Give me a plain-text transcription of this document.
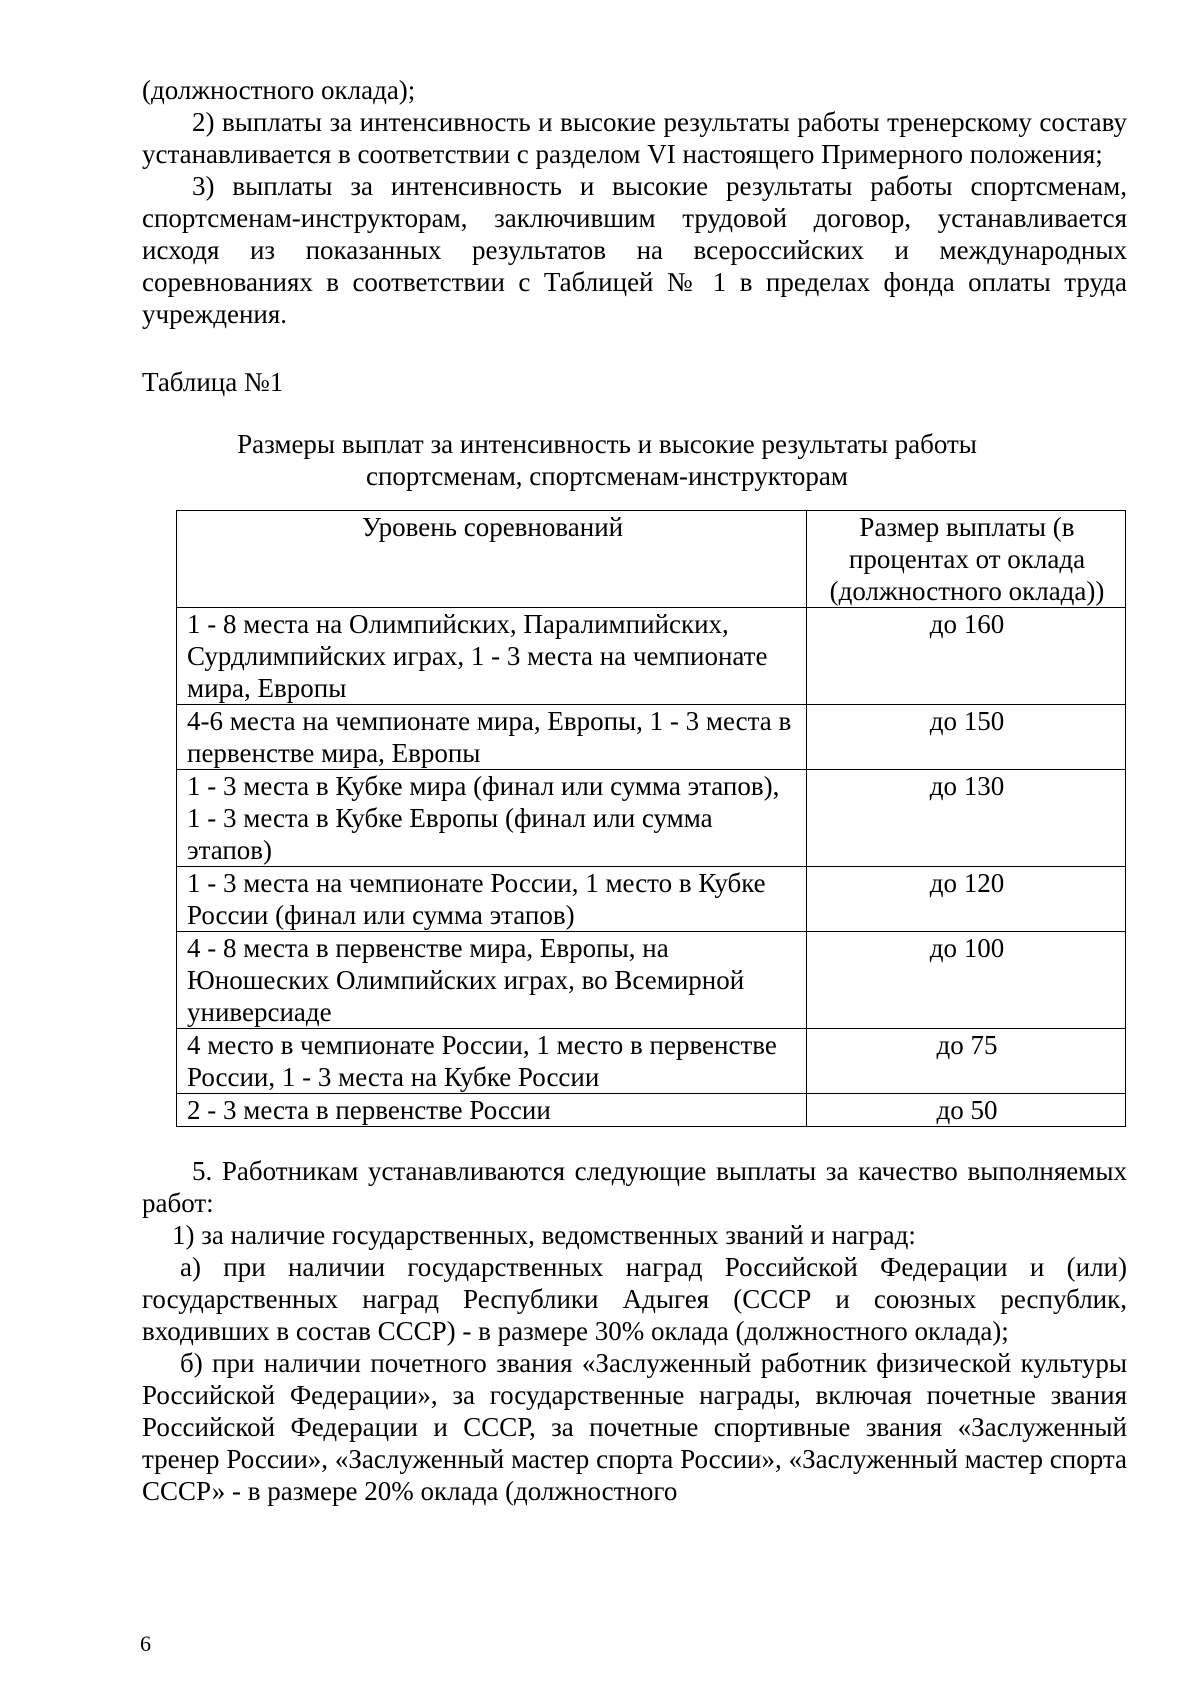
(должностного оклада);

2) выплаты за интенсивность и высокие результаты работы тренерскому составу устанавливается в соответствии с разделом VI настоящего Примерного положения;

3) выплаты за интенсивность и высокие результаты работы спортсменам, спортсменам-инструкторам, заключившим трудовой договор, устанавливается исходя из показанных результатов на всероссийских и международных соревнованиях в соответствии с Таблицей № 1 в пределах фонда оплаты труда учреждения.

Таблица №1

Размеры выплат за интенсивность и высокие результаты работы
спортсменам, спортсменам-инструкторам
Уровень соревнований	Размер выплаты (в процентах от оклада (должностного оклада))
1 - 8 места на Олимпийских, Паралимпийских, Сурдлимпийских играх, 1 - 3 места на чемпионате мира, Европы	до 160
4-6 места на чемпионате мира, Европы, 1 - 3 места в первенстве мира, Европы	до 150
1 - 3 места в Кубке мира (финал или сумма этапов), 1 - 3 места в Кубке Европы (финал или сумма этапов)	до 130
1 - 3 места на чемпионате России, 1 место в Кубке России (финал или сумма этапов)	до 120
4 - 8 места в первенстве мира, Европы, на Юношеских Олимпийских играх, во Всемирной универсиаде	до 100
4 место в чемпионате России, 1 место в первенстве России, 1 - 3 места на Кубке России	до 75
2 - 3 места в первенстве России	до 50

5. Работникам устанавливаются следующие выплаты за качество выполняемых работ:

1) за наличие государственных, ведомственных званий и наград:

а) при наличии государственных наград Российской Федерации и (или) государственных наград Республики Адыгея (СССР и союзных республик, входивших в состав СССР) - в размере 30% оклада (должностного оклада);

б) при наличии почетного звания «Заслуженный работник физической культуры Российской Федерации», за государственные награды, включая почетные звания Российской Федерации и СССР, за почетные спортивные звания «Заслуженный тренер России», «Заслуженный мастер спорта России», «Заслуженный мастер спорта СССР» - в размере 20% оклада (должностного

6
